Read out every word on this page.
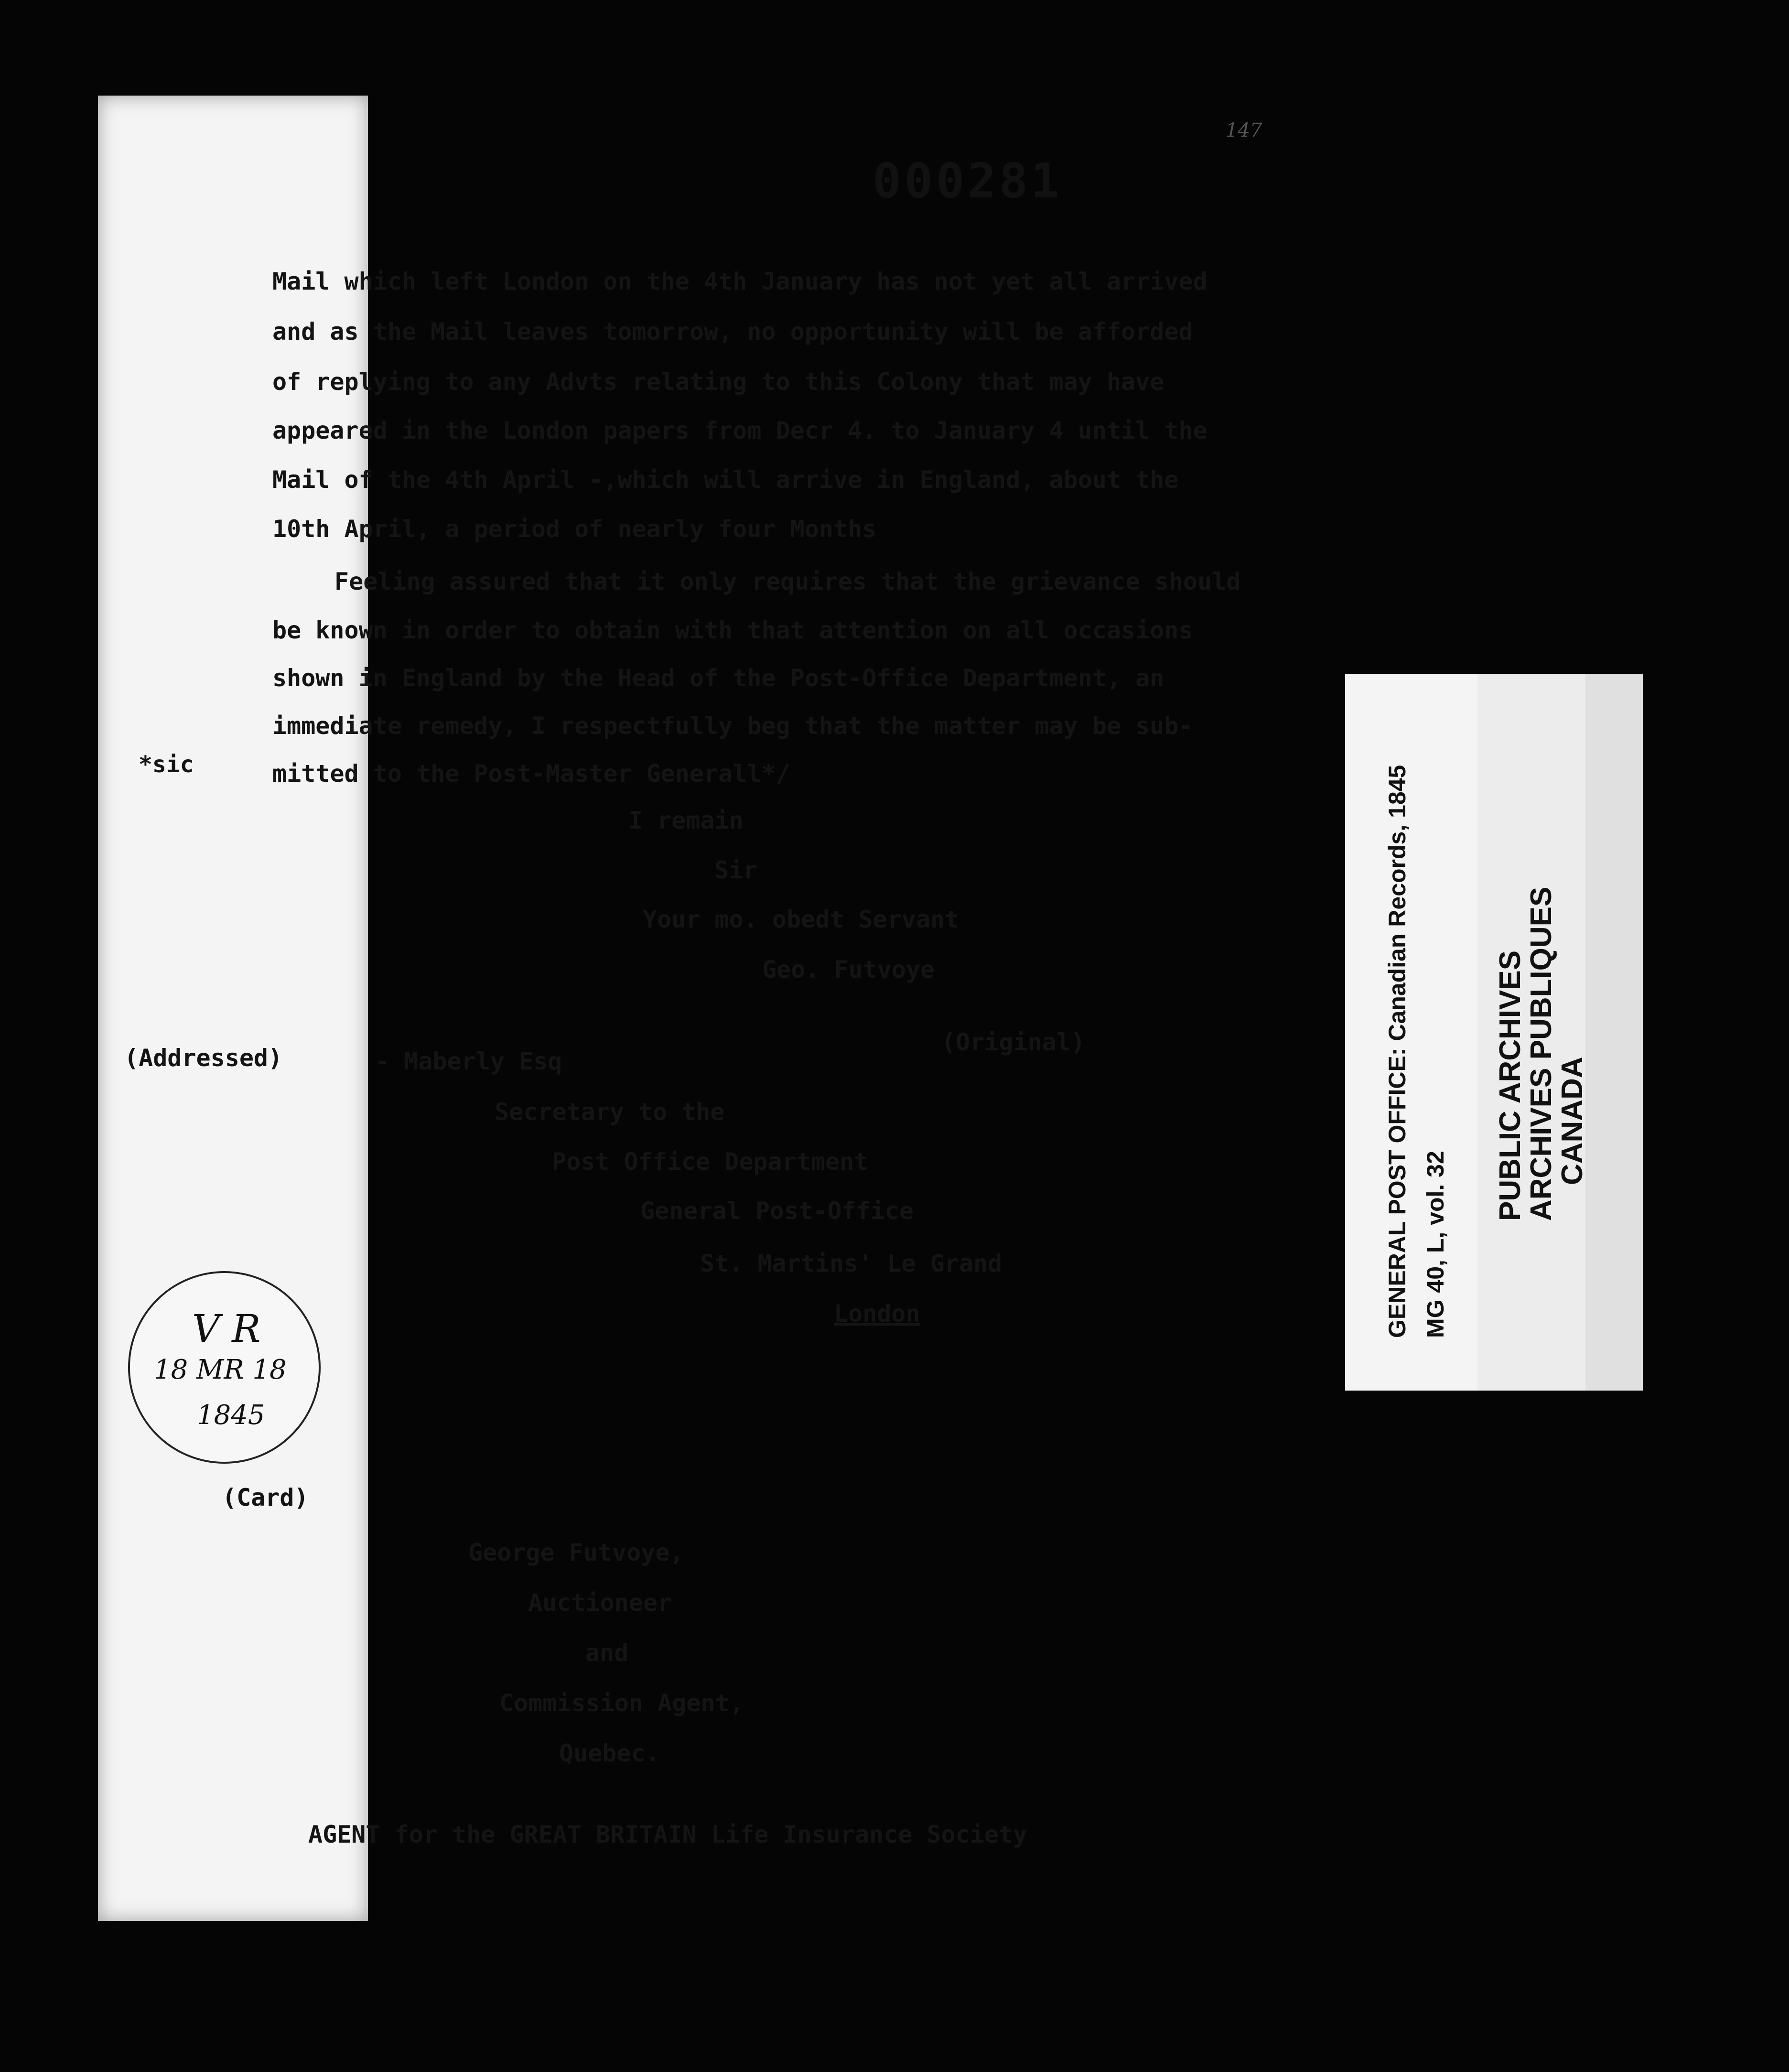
000281
147
Mail which left London on the 4th January has not yet all arrived
and as the Mail leaves tomorrow, no opportunity will be afforded
of replying to any Advts relating to this Colony that may have
appeared in the London papers from Decr 4. to January 4 until the
Mail of the 4th April -,which will arrive in England, about the
10th April, a period of nearly four Months
Feeling assured that it only requires that the grievance should
be known in order to obtain with that attention on all occasions
shown in England by the Head of the Post-Office Department, an
immediate remedy, I respectfully beg that the matter may be sub-
mitted to the Post-Master Generall*/
*sic
I remain
Sir
Your mo. obedt Servant
Geo. Futvoye
(Original)
(Addressed)	- Maberly Esq
Secretary to the
Post Office Department
General Post-Office
St. Martins' Le Grand
London
V R
18 MR 18
1845
(Card)
George Futvoye,
Auctioneer
and
Commission Agent,
Quebec.
AGENT for the GREAT BRITAIN Life Insurance Society
GENERAL POST OFFICE: Canadian Records, 1845 MG 40, L, vol. 32
PUBLIC ARCHIVES
ARCHIVES PUBLIQUES
CANADA
